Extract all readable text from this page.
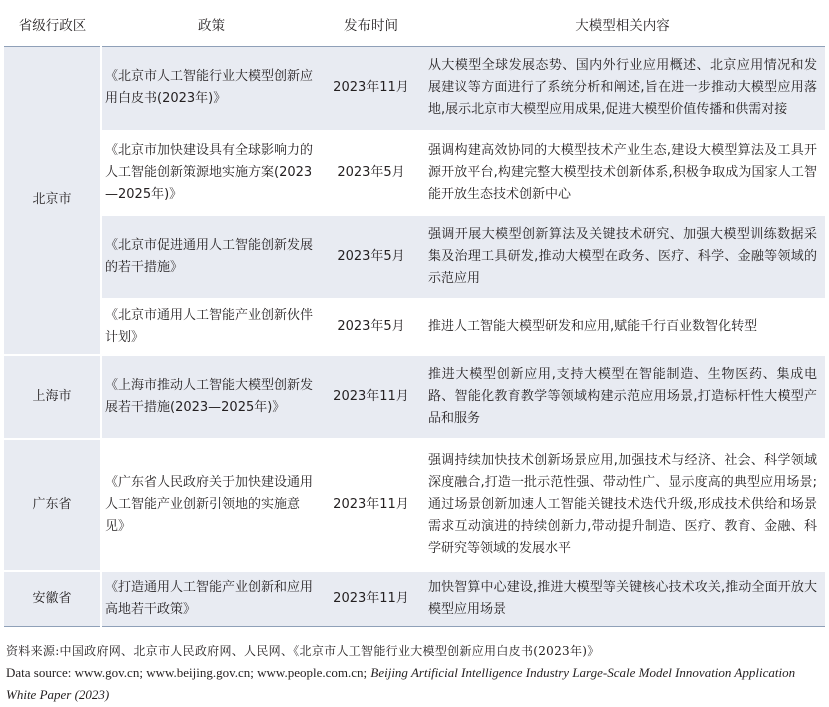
省级行政区	政策	发布时间	大模型相关内容
北京市	《北京市人工智能行业大模型创新应用白皮书(2023年)》	2023年11月	从大模型全球发展态势、国内外行业应用概述、北京应用情况和发展建议等方面进行了系统分析和阐述,旨在进一步推动大模型应用落地,展示北京市大模型应用成果,促进大模型价值传播和供需对接
	《北京市加快建设具有全球影响力的人工智能创新策源地实施方案(2023—2025年)》	2023年5月	强调构建高效协同的大模型技术产业生态,建设大模型算法及工具开源开放平台,构建完整大模型技术创新体系,积极争取成为国家人工智能开放生态技术创新中心
	《北京市促进通用人工智能创新发展的若干措施》	2023年5月	强调开展大模型创新算法及关键技术研究、加强大模型训练数据采集及治理工具研发,推动大模型在政务、医疗、科学、金融等领域的示范应用
	《北京市通用人工智能产业创新伙伴计划》	2023年5月	推进人工智能大模型研发和应用,赋能千行百业数智化转型
上海市	《上海市推动人工智能大模型创新发展若干措施(2023—2025年)》	2023年11月	推进大模型创新应用,支持大模型在智能制造、生物医药、集成电路、智能化教育教学等领域构建示范应用场景,打造标杆性大模型产品和服务
广东省	《广东省人民政府关于加快建设通用人工智能产业创新引领地的实施意见》	2023年11月	强调持续加快技术创新场景应用,加强技术与经济、社会、科学领域深度融合,打造一批示范性强、带动性广、显示度高的典型应用场景;通过场景创新加速人工智能关键技术迭代升级,形成技术供给和场景需求互动演进的持续创新力,带动提升制造、医疗、教育、金融、科学研究等领域的发展水平
安徽省	《打造通用人工智能产业创新和应用高地若干政策》	2023年11月	加快智算中心建设,推进大模型等关键核心技术攻关,推动全面开放大模型应用场景
资料来源:中国政府网、北京市人民政府网、人民网、《北京市人工智能行业大模型创新应用白皮书(2023年)》
Data source: www.gov.cn; www.beijing.gov.cn; www.people.com.cn; Beijing Artificial Intelligence Industry Large-Scale Model Innovation Application White Paper (2023)
